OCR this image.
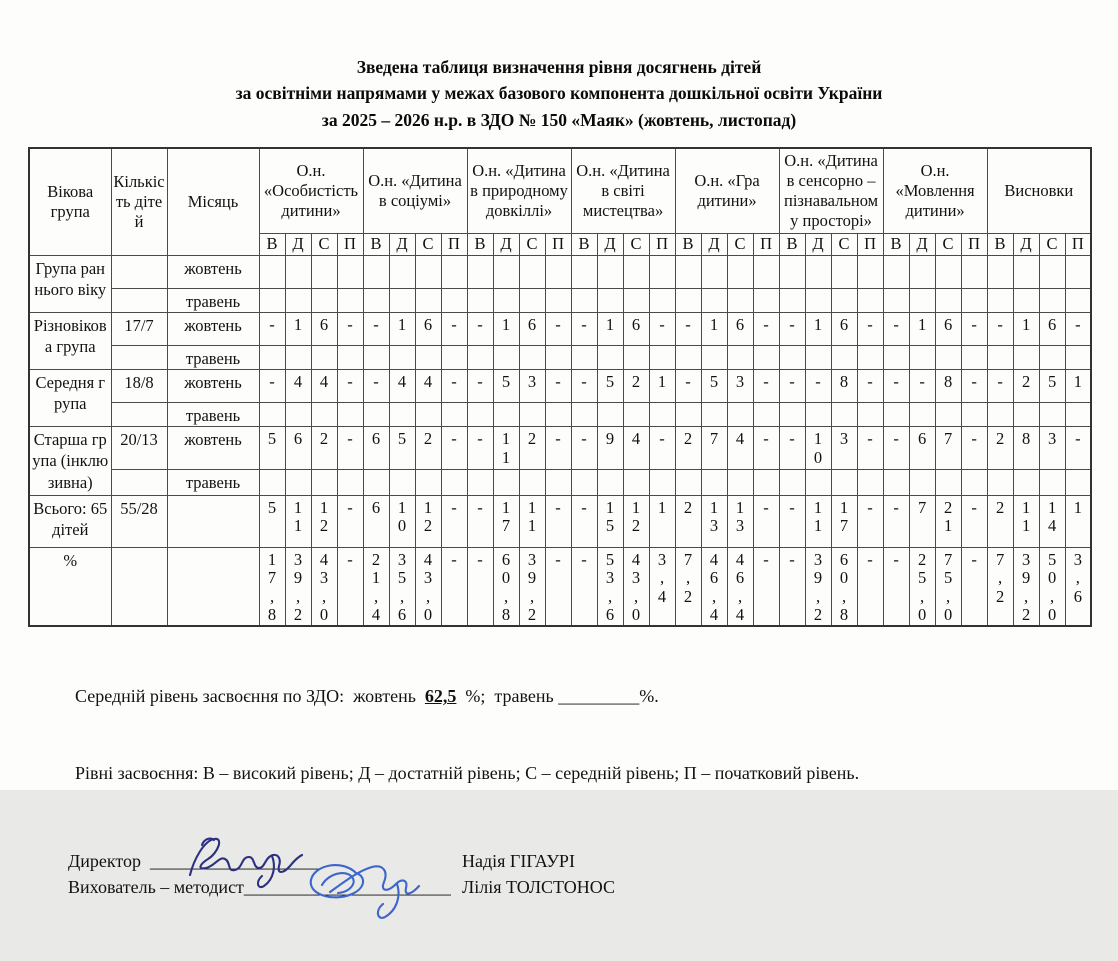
Зведена таблиця визначення рівня досягнень дітей
за освітніми напрямами у межах базового компонента дошкільної освіти України
за 2025 – 2026 н.р. в ЗДО № 150 «Маяк» (жовтень, листопад)
Вікова група	Кількість дітей	Місяць	О.н. «Особистість дитини»				О.н. «Дитина в соціумі»				О.н. «Дитина в природному довкіллі»				О.н. «Дитина в світі мистецтва»				О.н. «Гра дитини»				О.н. «Дитина в сенсорно – пізнавальному просторі»				О.н. «Мовлення дитини»				Висновки			
			В	Д	С	П	В	Д	С	П	В	Д	С	П	В	Д	С	П	В	Д	С	П	В	Д	С	П	В	Д	С	П	В	Д	С	П
Група раннього віку		жовтень																																
		травень																																
Різновікова група	17/7	жовтень	-	1	6	-	-	1	6	-	-	1	6	-	-	1	6	-	-	1	6	-	-	1	6	-	-	1	6	-	-	1	6	-
		травень																																
Середня група	18/8	жовтень	-	4	4	-	-	4	4	-	-	5	3	-	-	5	2	1	-	5	3	-	-	-	8	-	-	-	8	-	-	2	5	1
		травень																																
Старша група (інклюзивна)	20/13	жовтень	5	6	2	-	6	5	2	-	-	11	2	-	-	9	4	-	2	7	4	-	-	10	3	-	-	6	7	-	2	8	3	-
		травень																																
Всього: 65дітей	55/28		5	11	12	-	6	10	12	-	-	17	11	-	-	15	12	1	2	13	13	-	-	11	17	-	-	7	21	-	2	11	14	1
%			17,8	39,2	43,0	-	21,4	35,6	43,0	-	-	60,8	39,2	-	-	53,6	43,0	3,4	7,2	46,4	46,4	-	-	39,2	60,8	-	-	25,0	75,0	-	7,2	39,2	50,0	3,6

Середній рівень засвоєння по ЗДО:  жовтень  62,5  %;  травень _________%.

Рівні засвоєння: В – високий рівень; Д – достатній рівень; С – середній рівень; П – початковий рівень.

Директор  ___________________	Надія ГІГАУРІ
Вихователь – методист_______________________ Лілія ТОЛСТОНОС
